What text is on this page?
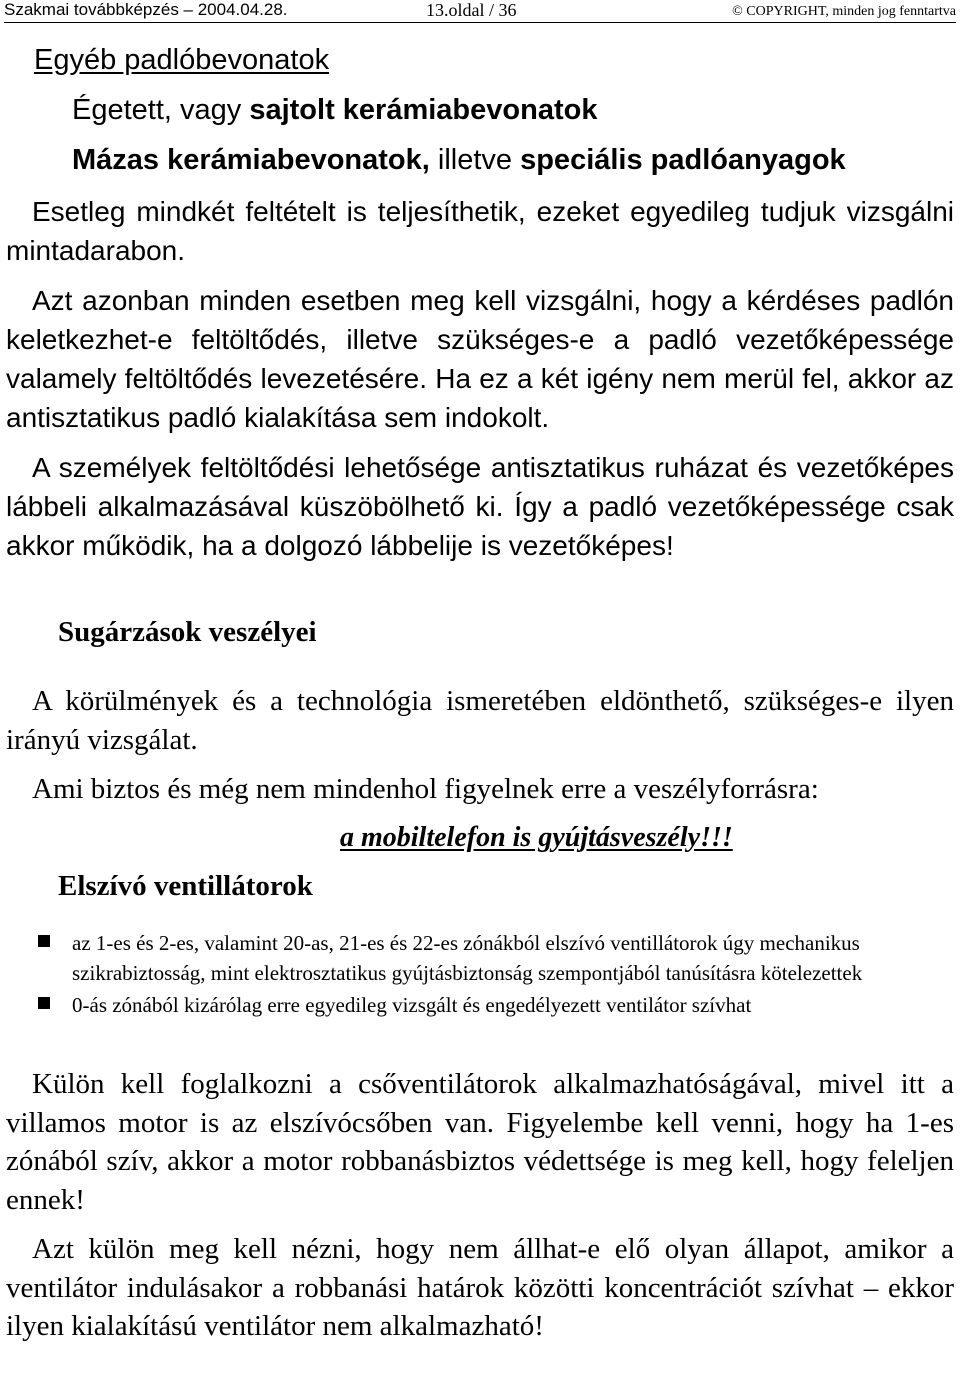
Szakmai továbbképzés – 2004.04.28.	13.oldal / 36	© COPYRIGHT, minden jog fenntartva
Egyéb padlóbevonatok
Égetett, vagy sajtolt kerámiabevonatok
Mázas kerámiabevonatok, illetve speciális padlóanyagok
Esetleg mindkét feltételt is teljesíthetik, ezeket egyedileg tudjuk vizsgálni mintadarabon.
Azt azonban minden esetben meg kell vizsgálni, hogy a kérdéses padlón keletkezhet-e feltöltődés, illetve szükséges-e a padló vezetőképessége valamely feltöltődés levezetésére. Ha ez a két igény nem merül fel, akkor az antisztatikus padló kialakítása sem indokolt.
A személyek feltöltődési lehetősége antisztatikus ruházat és vezetőképes lábbeli alkalmazásával küszöbölhető ki. Így a padló vezetőképessége csak akkor működik, ha a dolgozó lábbelije is vezetőképes!
Sugárzások veszélyei
A körülmények és a technológia ismeretében eldönthető, szükséges-e ilyen irányú vizsgálat.
Ami biztos és még nem mindenhol figyelnek erre a veszélyforrásra:
a mobiltelefon is gyújtásveszély!!!
Elszívó ventillátorok
az 1-es és 2-es, valamint 20-as, 21-es és 22-es zónákból elszívó ventillátorok úgy mechanikus szikrabiztosság, mint elektrosztatikus gyújtásbiztonság szempontjából tanúsításra kötelezettek
0-ás zónából kizárólag erre egyedileg vizsgált és engedélyezett ventilátor szívhat
Külön kell foglalkozni a csőventilátorok alkalmazhatóságával, mivel itt a villamos motor is az elszívócsőben van. Figyelembe kell venni, hogy ha 1-es zónából szív, akkor a motor robbanásbiztos védettsége is meg kell, hogy feleljen ennek!
Azt külön meg kell nézni, hogy nem állhat-e elő olyan állapot, amikor a ventilátor indulásakor a robbanási határok közötti koncentrációt szívhat – ekkor ilyen kialakítású ventilátor nem alkalmazható!
